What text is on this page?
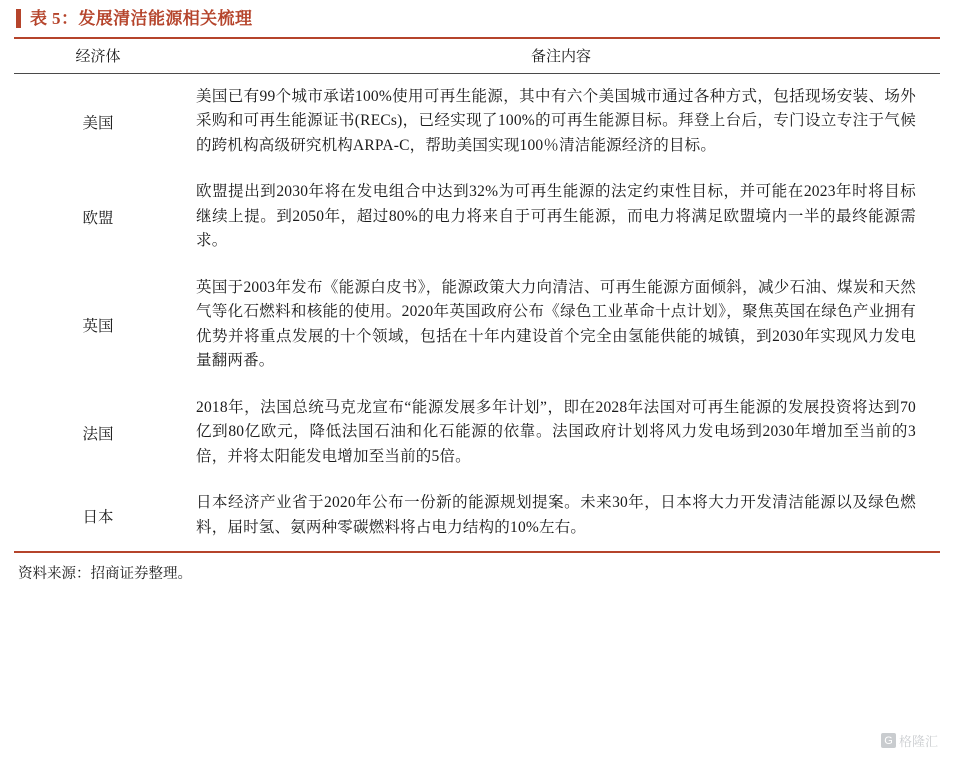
表 5：发展清洁能源相关梳理
经济体	备注内容

美国	美国已有99个城市承诺100%使用可再生能源，其中有六个美国城市通过各种方式，包括现场安装、场外采购和可再生能源证书(RECs)，已经实现了100%的可再生能源目标。拜登上台后，专门设立专注于气候的跨机构高级研究机构ARPA-C，帮助美国实现100％清洁能源经济的目标。
欧盟	欧盟提出到2030年将在发电组合中达到32%为可再生能源的法定约束性目标，并可能在2023年时将目标继续上提。到2050年，超过80%的电力将来自于可再生能源，而电力将满足欧盟境内一半的最终能源需求。
英国	英国于2003年发布《能源白皮书》，能源政策大力向清洁、可再生能源方面倾斜，减少石油、煤炭和天然气等化石燃料和核能的使用。2020年英国政府公布《绿色工业革命十点计划》，聚焦英国在绿色产业拥有优势并将重点发展的十个领域，包括在十年内建设首个完全由氢能供能的城镇，到2030年实现风力发电量翻两番。
法国	2018年，法国总统马克龙宣布“能源发展多年计划”，即在2028年法国对可再生能源的发展投资将达到70亿到80亿欧元，降低法国石油和化石能源的依靠。法国政府计划将风力发电场到2030年增加至当前的3倍，并将太阳能发电增加至当前的5倍。
日本	日本经济产业省于2020年公布一份新的能源规划提案。未来30年，日本将大力开发清洁能源以及绿色燃料，届时氢、氨两种零碳燃料将占电力结构的10%左右。
资料来源：招商证券整理。
G 格隆汇
